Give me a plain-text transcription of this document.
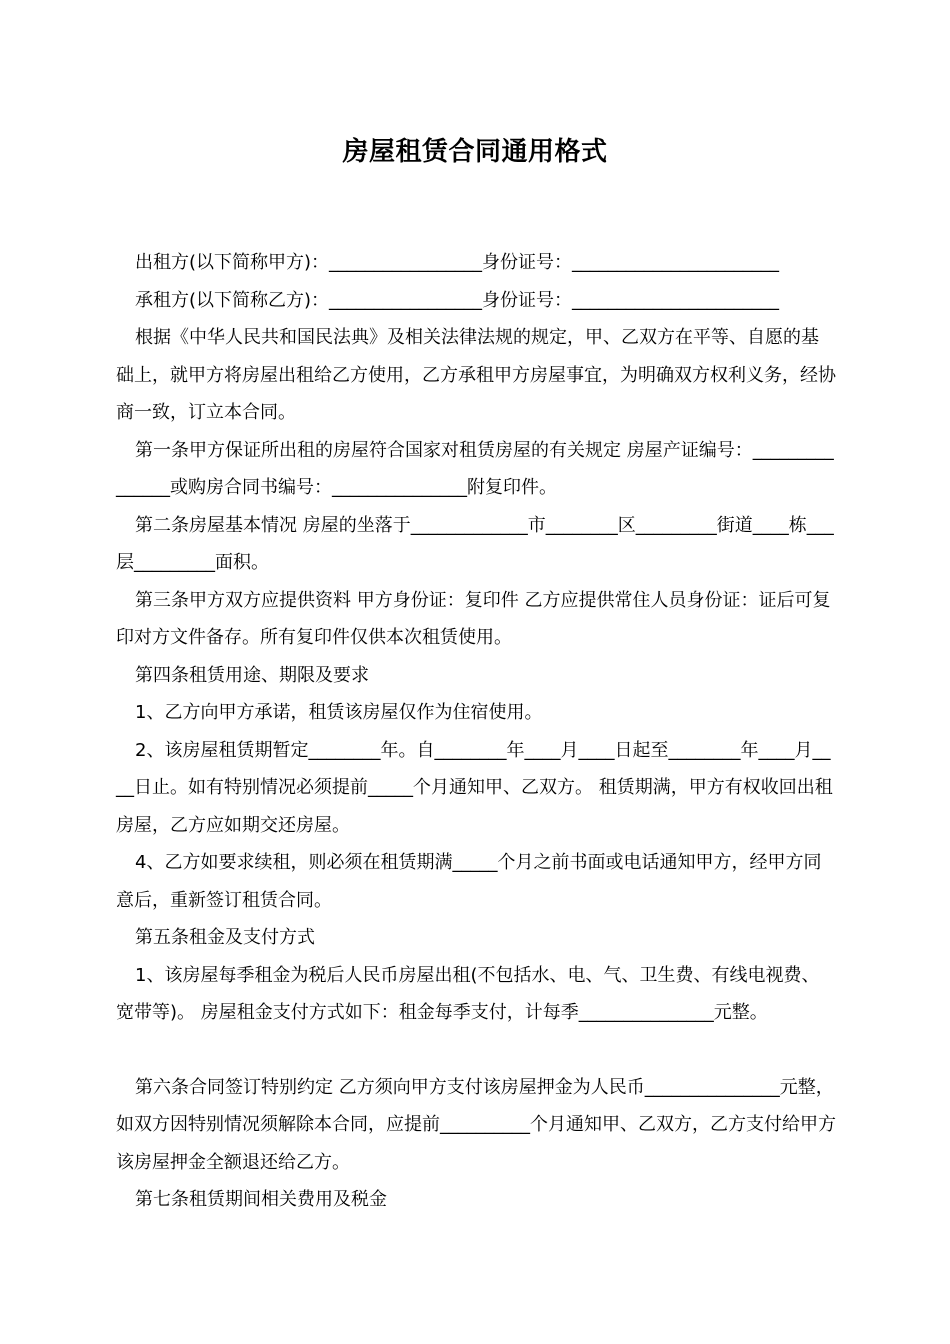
房屋租赁合同通用格式

出租方(以下简称甲方)：_________________身份证号：_______________________

承租方(以下简称乙方)：_________________身份证号：_______________________

根据《中华人民共和国民法典》及相关法律法规的规定，甲、乙双方在平等、自愿的基础上，就甲方将房屋出租给乙方使用，乙方承租甲方房屋事宜，为明确双方权利义务，经协商一致，订立本合同。

第一条甲方保证所出租的房屋符合国家对租赁房屋的有关规定 房屋产证编号：_______________或购房合同书编号：_______________附复印件。

第二条房屋基本情况 房屋的坐落于_____________市________区_________街道____栋___层_________面积。

第三条甲方双方应提供资料 甲方身份证：复印件 乙方应提供常住人员身份证：证后可复印对方文件备存。所有复印件仅供本次租赁使用。

第四条租赁用途、期限及要求

1、乙方向甲方承诺，租赁该房屋仅作为住宿使用。

2、该房屋租赁期暂定________年。自________年____月____日起至________年____月____日止。如有特别情况必须提前_____个月通知甲、乙双方。 租赁期满，甲方有权收回出租房屋，乙方应如期交还房屋。

4、乙方如要求续租，则必须在租赁期满_____个月之前书面或电话通知甲方，经甲方同意后，重新签订租赁合同。

第五条租金及支付方式

1、该房屋每季租金为税后人民币房屋出租(不包括水、电、气、卫生费、有线电视费、宽带等)。 房屋租金支付方式如下：租金每季支付，计每季_______________元整。

第六条合同签订特别约定 乙方须向甲方支付该房屋押金为人民币_______________元整，如双方因特别情况须解除本合同，应提前__________个月通知甲、乙双方，乙方支付给甲方该房屋押金全额退还给乙方。

第七条租赁期间相关费用及税金
